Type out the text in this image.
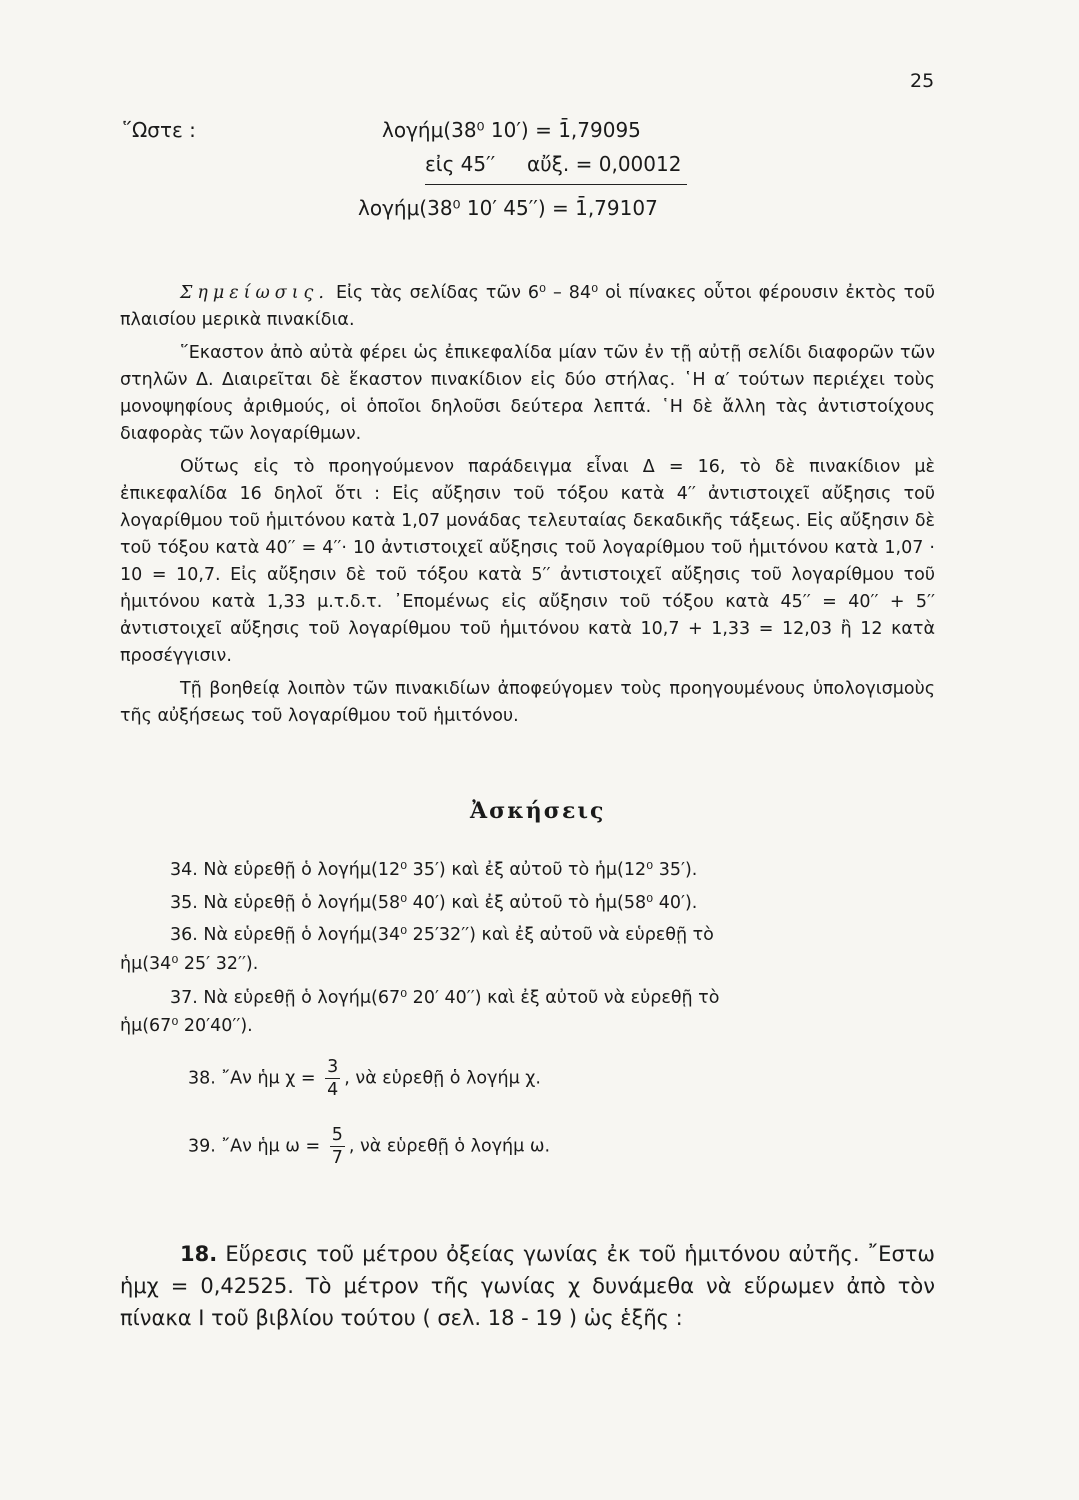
25
῞Ωστε :	λογήμ(38⁰ 10′) = 1̄,79095
εἰς 45′′ αὔξ. = 0,00012
λογήμ(38⁰ 10′ 45′′) = 1̄,79107

Σημείωσις. Εἰς τὰς σελίδας τῶν 6⁰ – 84⁰ οἱ πίνακες οὗτοι φέρουσιν ἐκτὸς τοῦ πλαισίου μερικὰ πινακίδια.

῞Εκαστον ἀπὸ αὐτὰ φέρει ὡς ἐπικεφαλίδα μίαν τῶν ἐν τῇ αὐτῇ σελίδι διαφορῶν τῶν στηλῶν Δ. Διαιρεῖται δὲ ἕκαστον πινακίδιον εἰς δύο στήλας. ῾Η α′ τούτων περιέχει τοὺς μονοψηφίους ἀριθμούς, οἱ ὁποῖοι δηλοῦσι δεύτερα λεπτά. ῾Η δὲ ἄλλη τὰς ἀντιστοίχους διαφορὰς τῶν λογαρίθμων.

Οὕτως εἰς τὸ προηγούμενον παράδειγμα εἶναι Δ = 16, τὸ δὲ πινακίδιον μὲ ἐπικεφαλίδα 16 δηλοῖ ὅτι : Εἰς αὔξησιν τοῦ τόξου κατὰ 4′′ ἀντιστοιχεῖ αὔξησις τοῦ λογαρίθμου τοῦ ἡμιτόνου κατὰ 1,07 μονάδας τελευταίας δεκαδικῆς τάξεως. Εἰς αὔξησιν δὲ τοῦ τόξου κατὰ 40′′ = 4′′· 10 ἀντιστοιχεῖ αὔξησις τοῦ λογαρίθμου τοῦ ἡμιτόνου κατὰ 1,07 · 10 = 10,7. Εἰς αὔξησιν δὲ τοῦ τόξου κατὰ 5′′ ἀντιστοιχεῖ αὔξησις τοῦ λογαρίθμου τοῦ ἡμιτόνου κατὰ 1,33 μ.τ.δ.τ. ᾿Επομένως εἰς αὔξησιν τοῦ τόξου κατὰ 45′′ = 40′′ + 5′′ ἀντιστοιχεῖ αὔξησις τοῦ λογαρίθμου τοῦ ἡμιτόνου κατὰ 10,7 + 1,33 = 12,03 ἢ 12 κατὰ προσέγγισιν.

Τῇ βοηθείᾳ λοιπὸν τῶν πινακιδίων ἀποφεύγομεν τοὺς προηγουμένους ὑπολογισμοὺς τῆς αὐξήσεως τοῦ λογαρίθμου τοῦ ἡμιτόνου.

Ἀσκήσεις
34. Νὰ εὑρεθῇ ὁ λογήμ(12⁰ 35′) καὶ ἐξ αὐτοῦ τὸ ἡμ(12⁰ 35′).
35. Νὰ εὑρεθῇ ὁ λογήμ(58⁰ 40′) καὶ ἐξ αὐτοῦ τὸ ἡμ(58⁰ 40′).
36. Νὰ εὑρεθῇ ὁ λογήμ(34⁰ 25′32′′) καὶ ἐξ αὐτοῦ νὰ εὑρεθῇ τὸ
ἡμ(34⁰ 25′ 32′′).
37. Νὰ εὑρεθῇ ὁ λογήμ(67⁰ 20′ 40′′) καὶ ἐξ αὐτοῦ νὰ εὑρεθῇ τὸ
ἡμ(67⁰ 20′40′′).
38. ῎Αν ἡμ $\chi = \frac{3}{4}$ , νὰ εὑρεθῇ ὁ λογήμ χ.
39. ῎Αν ἡμ $\omega = \frac{5}{7}$ , νὰ εὑρεθῇ ὁ λογήμ ω.

18. Εὕρεσις τοῦ μέτρου ὀξείας γωνίας ἐκ τοῦ ἡμιτόνου αὐτῆς. ῎Εστω ἡμχ = 0,42525. Τὸ μέτρον τῆς γωνίας χ δυνάμεθα νὰ εὕρωμεν ἀπὸ τὸν πίνακα Ι τοῦ βιβλίου τούτου ( σελ. 18 - 19 ) ὡς ἑξῆς :
